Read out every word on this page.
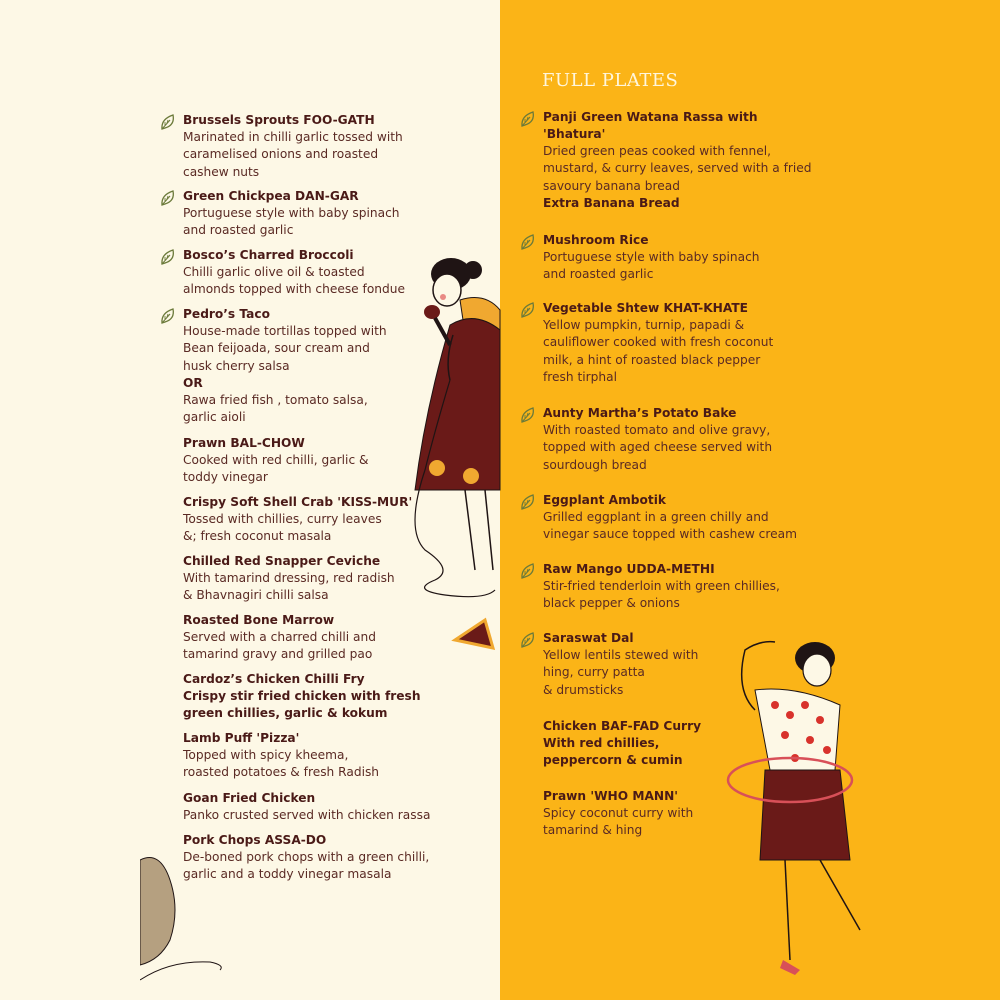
FULL PLATES
Brussels Sprouts FOO-GATH
Marinated in chilli garlic tossed with
caramelised onions and roasted
cashew nuts
Green Chickpea DAN-GAR
Portuguese style with baby spinach
and roasted garlic
Bosco’s Charred Broccoli
Chilli garlic olive oil & toasted
almonds topped with cheese fondue
Pedro’s Taco
House-made tortillas topped with
Bean feijoada, sour cream and
husk cherry salsa
OR
Rawa fried fish , tomato salsa,
garlic aioli
Prawn BAL-CHOW
Cooked with red chilli, garlic &
toddy vinegar
Crispy Soft Shell Crab 'KISS-MUR'
Tossed with chillies, curry leaves
&; fresh coconut masala
Chilled Red Snapper Ceviche
With tamarind dressing, red radish
& Bhavnagiri chilli salsa
Roasted Bone Marrow
Served with a charred chilli and
tamarind gravy and grilled pao
Cardoz’s Chicken Chilli Fry
Crispy stir fried chicken with fresh
green chillies, garlic & kokum
Lamb Puff 'Pizza'
Topped with spicy kheema,
roasted potatoes & fresh Radish
Goan Fried Chicken
Panko crusted served with chicken rassa
Pork Chops ASSA-DO
De-boned pork chops with a green chilli,
garlic and a toddy vinegar masala
Panji Green Watana Rassa with
'Bhatura'
Dried green peas cooked with fennel,
mustard, & curry leaves, served with a fried
savoury banana bread
Extra Banana Bread
Mushroom Rice
Portuguese style with baby spinach
and roasted garlic
Vegetable Shtew KHAT-KHATE
Yellow pumpkin, turnip, papadi &
cauliflower cooked with fresh coconut
milk, a hint of roasted black pepper
fresh tirphal
Aunty Martha’s Potato Bake
With roasted tomato and olive gravy,
topped with aged cheese served with
sourdough bread
Eggplant Ambotik
Grilled eggplant in a green chilly and
vinegar sauce topped with cashew cream
Raw Mango UDDA-METHI
Stir-fried tenderloin with green chillies,
black pepper & onions
Saraswat Dal
Yellow lentils stewed with
hing, curry patta
& drumsticks
Chicken BAF-FAD Curry
With red chillies,
peppercorn & cumin
Prawn 'WHO MANN'
Spicy coconut curry with
tamarind & hing
